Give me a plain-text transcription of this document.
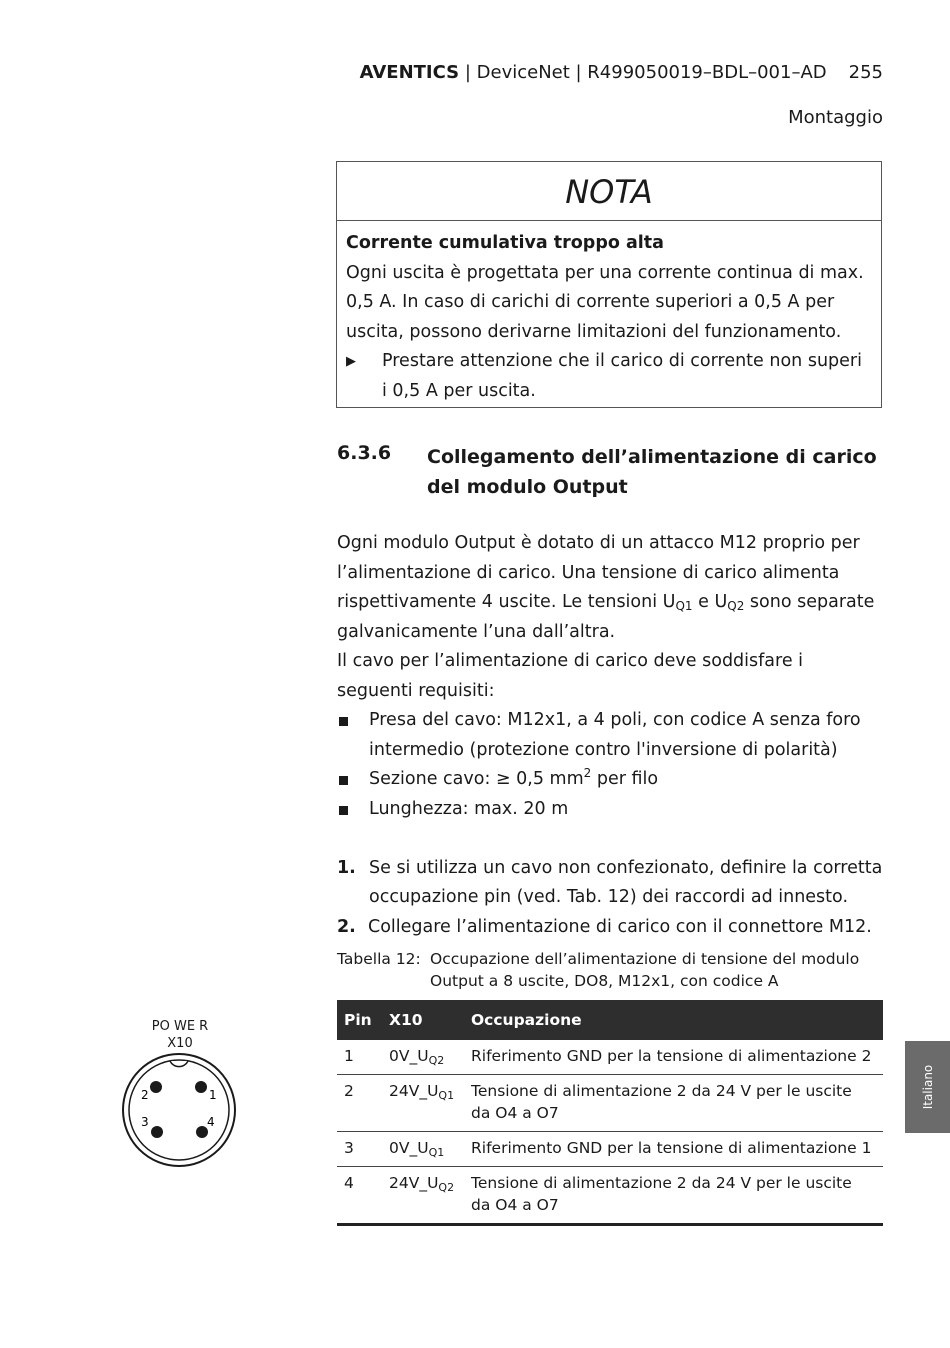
AVENTICS | DeviceNet | R499050019–BDL–001–AD 255
Montaggio
NOTA
Corrente cumulativa troppo alta
Ogni uscita è progettata per una corrente continua di max. 0,5 A. In caso di carichi di corrente superiori a 0,5 A per uscita, possono derivarne limitazioni del funzionamento.
▶ Prestare attenzione che il carico di corrente non superi i 0,5 A per uscita.
6.3.6 Collegamento dell’alimentazione di carico del modulo Output
Ogni modulo Output è dotato di un attacco M12 proprio per l’alimentazione di carico. Una tensione di carico alimenta rispettivamente 4 uscite. Le tensioni $U_{Q1}$ e $U_{Q2}$ sono separate galvanicamente l’una dall’altra.
Il cavo per l’alimentazione di carico deve soddisfare i seguenti requisiti:
Presa del cavo: M12x1, a 4 poli, con codice A senza foro intermedio (protezione contro l'inversione di polarità)
Sezione cavo: ≥ 0,5 $mm^2$ per filo
Lunghezza: max. 20 m
1. Se si utilizza un cavo non confezionato, definire la corretta occupazione pin (ved. Tab. 12) dei raccordi ad innesto.
2. Collegare l’alimentazione di carico con il connettore M12.
Tabella 12: Occupazione dell’alimentazione di tensione del modulo Output a 8 uscite, DO8, M12x1, con codice A
Pin	X10	Occupazione
1	$0V\_U_{Q2}$	Riferimento GND per la tensione di alimentazione 2
2	$24V\_U_{Q1}$	Tensione di alimentazione 2 da 24 V per le uscite da O4 a O7
3	$0V\_U_{Q1}$	Riferimento GND per la tensione di alimentazione 1
4	$24V\_U_{Q2}$	Tensione di alimentazione 2 da 24 V per le uscite da O4 a O7
PO WE R
X10
1
2
3	4
Italiano
